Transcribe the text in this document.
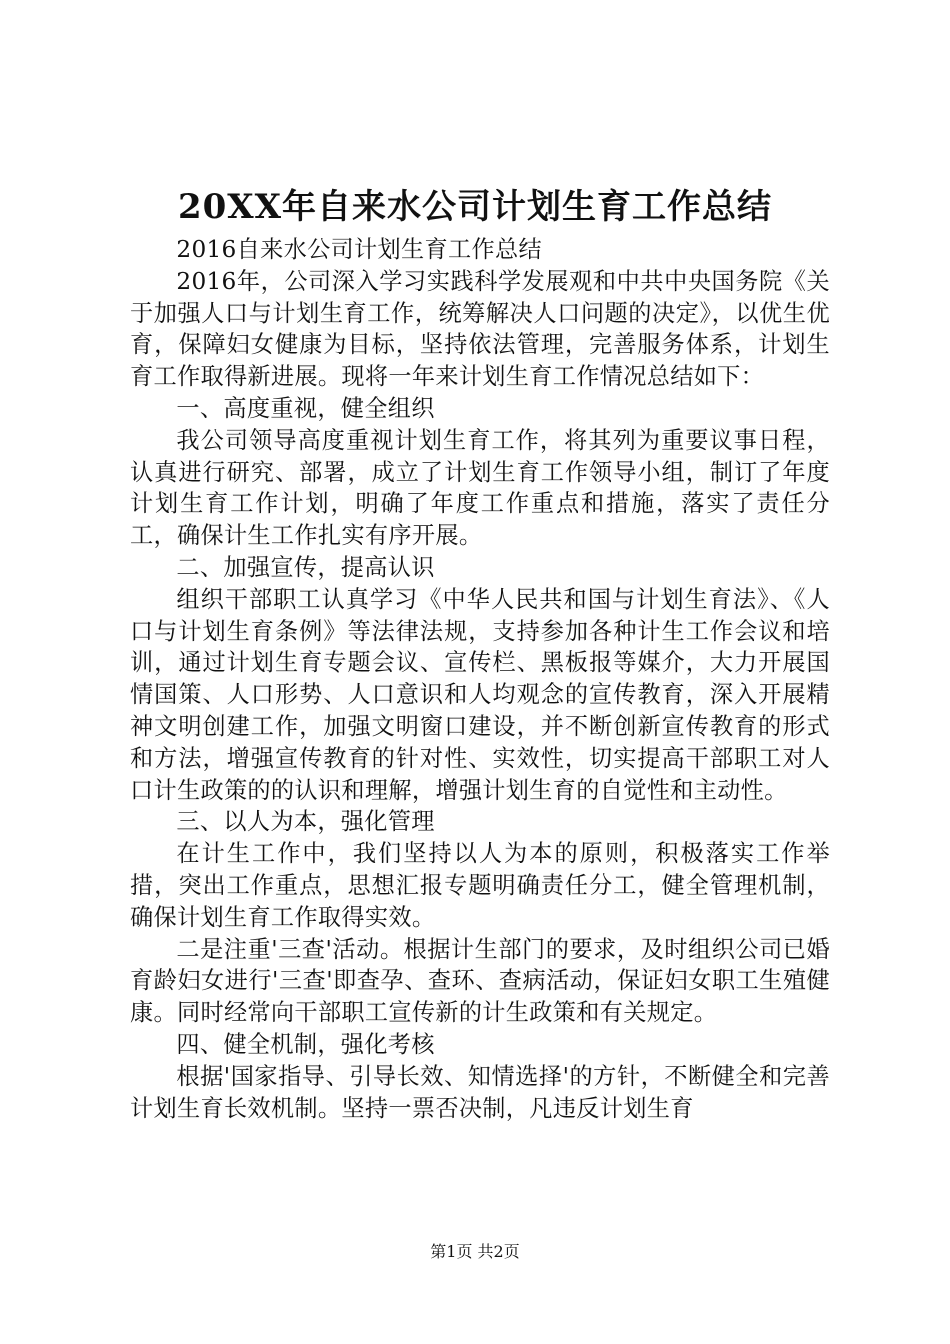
20XX年自来水公司计划生育工作总结

2016自来水公司计划生育工作总结

2016年，公司深入学习实践科学发展观和中共中央国务院《关于加强人口与计划生育工作，统筹解决人口问题的决定》，以优生优育，保障妇女健康为目标，坚持依法管理，完善服务体系，计划生育工作取得新进展。现将一年来计划生育工作情况总结如下：

一、高度重视，健全组织

我公司领导高度重视计划生育工作，将其列为重要议事日程，认真进行研究、部署，成立了计划生育工作领导小组，制订了年度计划生育工作计划，明确了年度工作重点和措施，落实了责任分工，确保计生工作扎实有序开展。

二、加强宣传，提高认识

组织干部职工认真学习《中华人民共和国与计划生育法》、《人口与计划生育条例》等法律法规，支持参加各种计生工作会议和培训，通过计划生育专题会议、宣传栏、黑板报等媒介，大力开展国情国策、人口形势、人口意识和人均观念的宣传教育，深入开展精神文明创建工作，加强文明窗口建设，并不断创新宣传教育的形式和方法，增强宣传教育的针对性、实效性，切实提高干部职工对人口计生政策的的认识和理解，增强计划生育的自觉性和主动性。

三、以人为本，强化管理

在计生工作中，我们坚持以人为本的原则，积极落实工作举措，突出工作重点，思想汇报专题明确责任分工，健全管理机制，确保计划生育工作取得实效。

二是注重'三查'活动。根据计生部门的要求，及时组织公司已婚育龄妇女进行'三查'即查孕、查环、查病活动，保证妇女职工生殖健康。同时经常向干部职工宣传新的计生政策和有关规定。

四、健全机制，强化考核

根据'国家指导、引导长效、知情选择'的方针，不断健全和完善计划生育长效机制。坚持一票否决制，凡违反计划生育

第1页 共2页
